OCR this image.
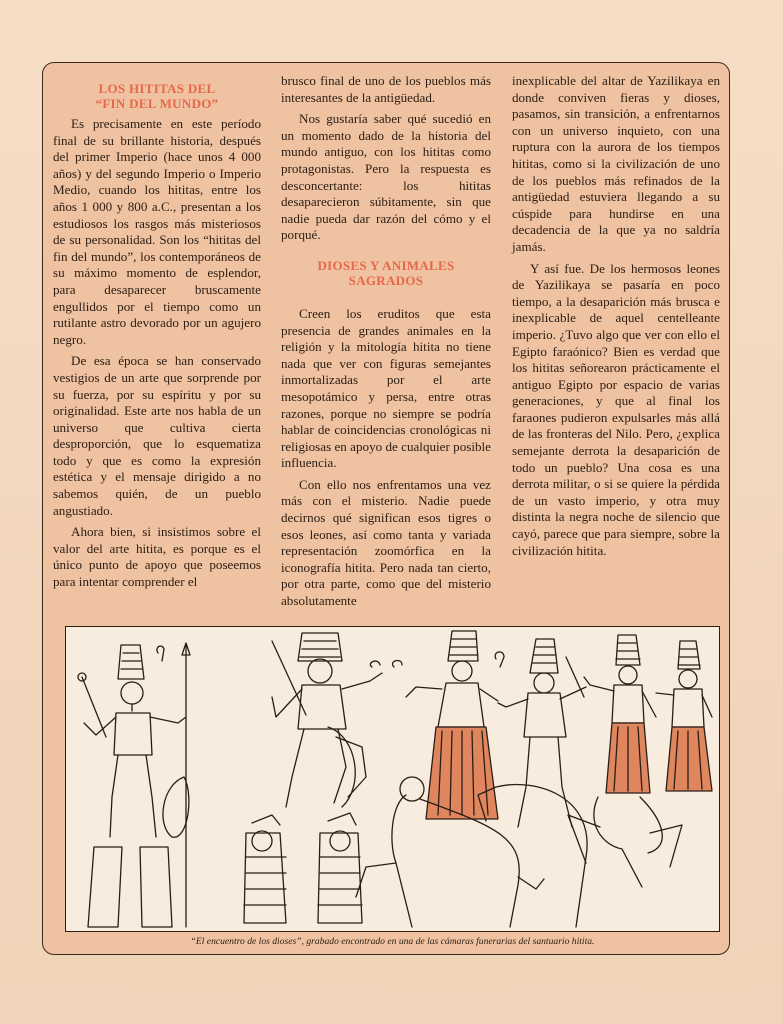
LOS HITITAS DEL
“FIN DEL MUNDO”

Es precisamente en este período final de su brillante historia, después del primer Imperio (hace unos 4 000 años) y del segundo Imperio o Imperio Medio, cuando los hititas, entre los años 1 000 y 800 a.C., presentan a los estudiosos los rasgos más misteriosos de su personalidad. Son los “hititas del fin del mundo”, los contemporáneos de su máximo momento de esplendor, para desaparecer bruscamente engullidos por el tiempo como un rutilante astro devorado por un agujero negro.

De esa época se han conservado vestigios de un arte que sorprende por su fuerza, por su espíritu y por su originalidad. Este arte nos habla de un universo que cultiva cierta desproporción, que lo esquematiza todo y que es como la expresión estética y el mensaje dirigido a no sabemos quién, de un pueblo angustiado.

Ahora bien, si insistimos sobre el valor del arte hitita, es porque es el único punto de apoyo que poseemos para intentar comprender el

brusco final de uno de los pueblos más interesantes de la antigüedad.

Nos gustaría saber qué sucedió en un momento dado de la historia del mundo antiguo, con los hititas como protagonistas. Pero la respuesta es desconcertante: los hititas desaparecieron súbitamente, sin que nadie pueda dar razón del cómo y el porqué.

DIOSES Y ANIMALES
SAGRADOS

Creen los eruditos que esta presencia de grandes animales en la religión y la mitología hitita no tiene nada que ver con figuras semejantes inmortalizadas por el arte mesopotámico y persa, entre otras razones, porque no siempre se podría hablar de coincidencias cronológicas ni religiosas en apoyo de cualquier posible influencia.

Con ello nos enfrentamos una vez más con el misterio. Nadie puede decirnos qué significan esos tigres o esos leones, así como tanta y variada representación zoomórfica en la iconografía hitita. Pero nada tan cierto, por otra parte, como que del misterio absolutamente

inexplicable del altar de Yazilikaya en donde conviven fieras y dioses, pasamos, sin transición, a enfrentarnos con un universo inquieto, con una ruptura con la aurora de los tiempos hititas, como si la civilización de uno de los pueblos más refinados de la antigüedad estuviera llegando a su cúspide para hundirse en una decadencia de la que ya no saldría jamás.

Y así fue. De los hermosos leones de Yazilikaya se pasaría en poco tiempo, a la desaparición más brusca e inexplicable de aquel centelleante imperio. ¿Tuvo algo que ver con ello el Egipto faraónico? Bien es verdad que los hititas señorearon prácticamente el antiguo Egipto por espacio de varias generaciones, y que al final los faraones pudieron expulsarles más allá de las fronteras del Nilo. Pero, ¿explica semejante derrota la desaparición de todo un pueblo? Una cosa es una derrota militar, o si se quiere la pérdida de un vasto imperio, y otra muy distinta la negra noche de silencio que cayó, parece que para siempre, sobre la civilización hitita.

“El encuentro de los dioses”, grabado encontrado en una de las cámaras funerarias del santuario hitita.
